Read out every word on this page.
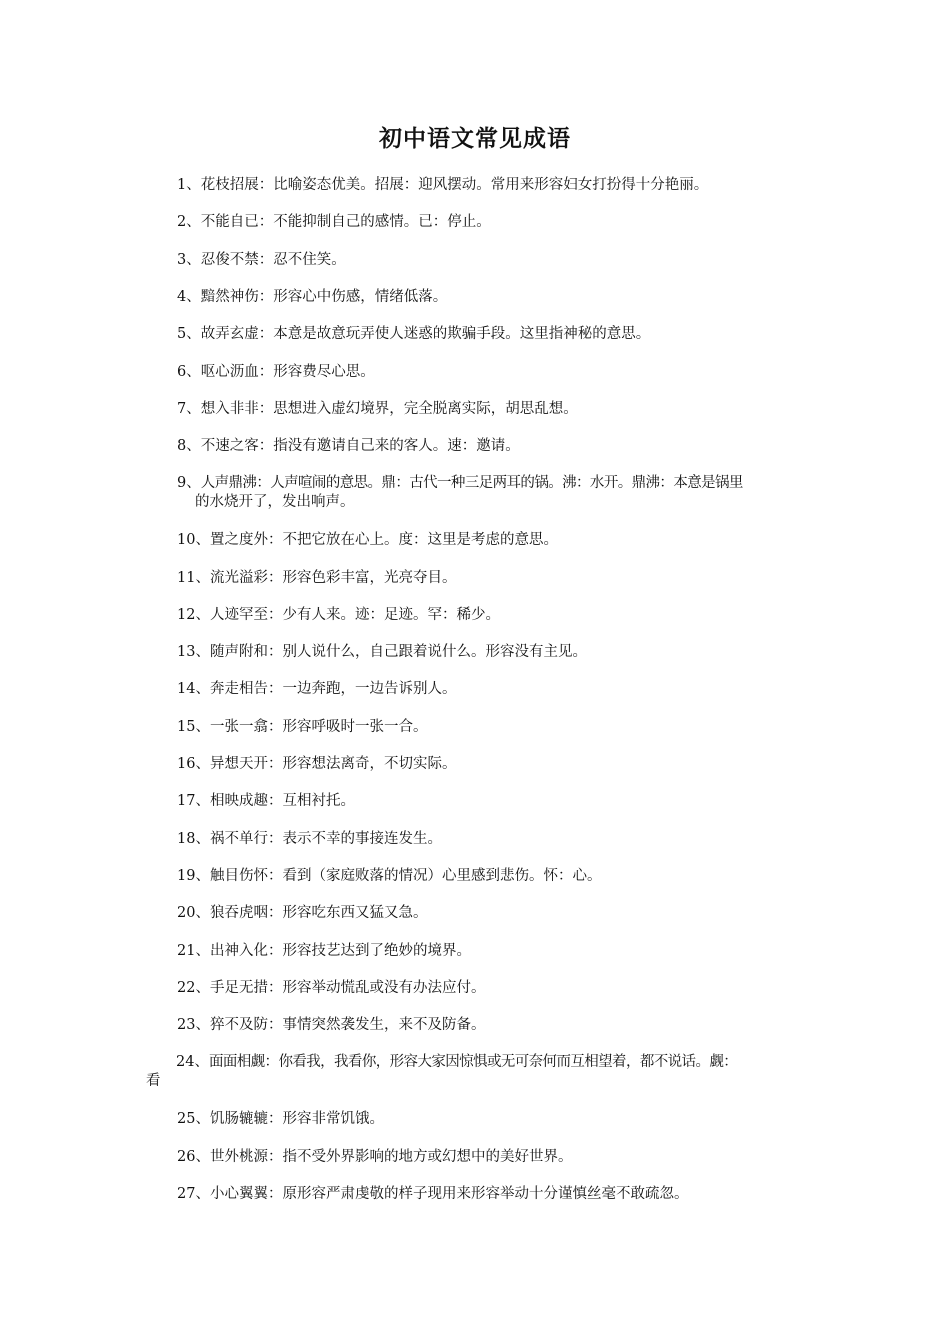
初中语文常见成语
1、花枝招展：比喻姿态优美。招展：迎风摆动。常用来形容妇女打扮得十分艳丽。
2、不能自已：不能抑制自己的感情。已：停止。
3、忍俊不禁：忍不住笑。
4、黯然神伤：形容心中伤感，情绪低落。
5、故弄玄虚：本意是故意玩弄使人迷惑的欺骗手段。这里指神秘的意思。
6、呕心沥血：形容费尽心思。
7、想入非非：思想进入虚幻境界，完全脱离实际，胡思乱想。
8、不速之客：指没有邀请自己来的客人。速：邀请。
9、人声鼎沸：人声喧闹的意思。鼎：古代一种三足两耳的锅。沸：水开。鼎沸：本意是锅里
的水烧开了，发出响声。
10、置之度外：不把它放在心上。度：这里是考虑的意思。
11、流光溢彩：形容色彩丰富，光亮夺目。
12、人迹罕至：少有人来。迹：足迹。罕：稀少。
13、随声附和：别人说什么，自己跟着说什么。形容没有主见。
14、奔走相告：一边奔跑，一边告诉别人。
15、一张一翕：形容呼吸时一张一合。
16、异想天开：形容想法离奇，不切实际。
17、相映成趣：互相衬托。
18、祸不单行：表示不幸的事接连发生。
19、触目伤怀：看到（家庭败落的情况）心里感到悲伤。怀：心。
20、狼吞虎咽：形容吃东西又猛又急。
21、出神入化：形容技艺达到了绝妙的境界。
22、手足无措：形容举动慌乱或没有办法应付。
23、猝不及防：事情突然袭发生，来不及防备。
24、面面相觑：你看我，我看你，形容大家因惊惧或无可奈何而互相望着，都不说话。觑：
看
25、饥肠辘辘：形容非常饥饿。
26、世外桃源：指不受外界影响的地方或幻想中的美好世界。
27、小心翼翼：原形容严肃虔敬的样子现用来形容举动十分谨慎丝毫不敢疏忽。
